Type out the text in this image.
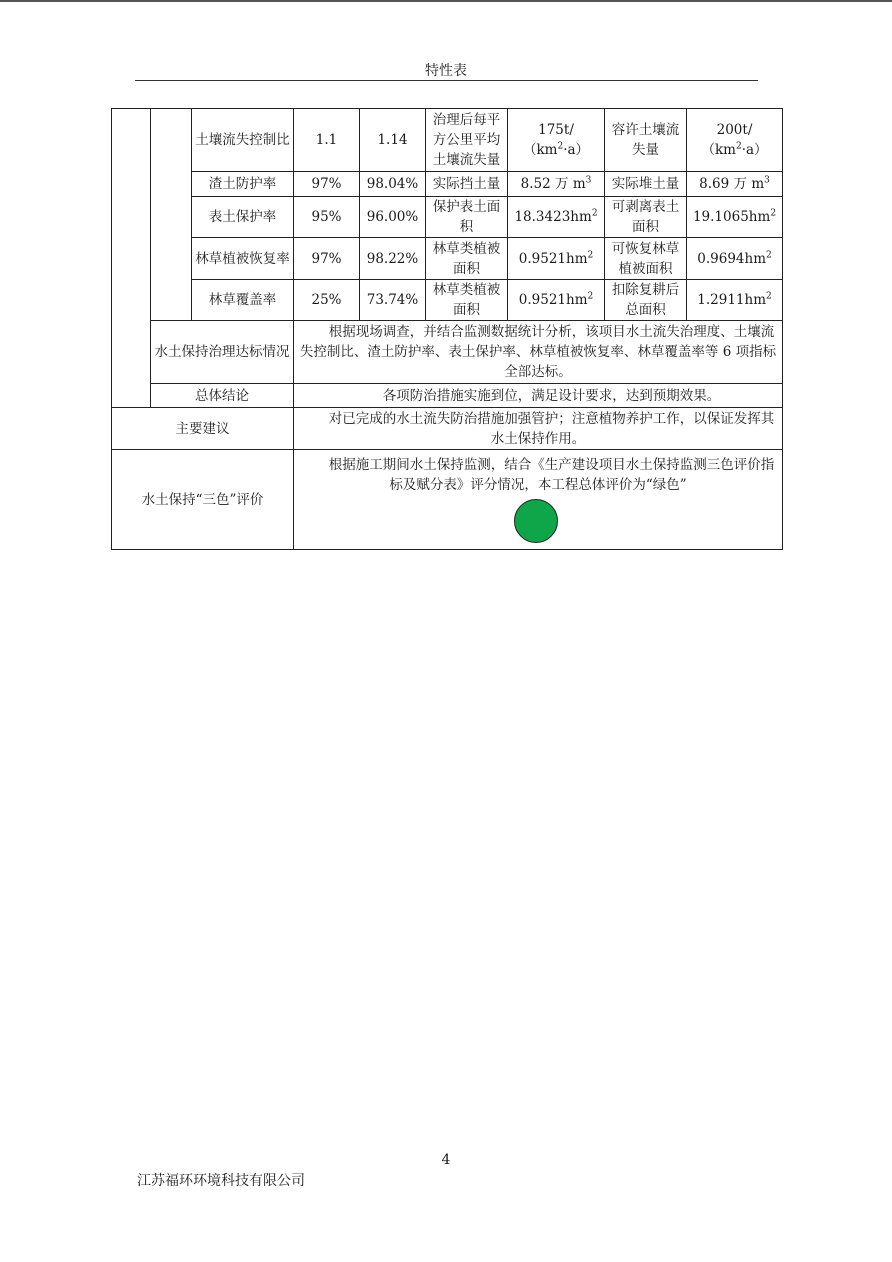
特性表
		土壤流失控制比	1.1	1.14	治理后每平方公里平均土壤流失量	$175t/(km^2\cdot a)$	容许土壤流失量	$200t/(km^2\cdot a)$
		渣土防护率	97%	98.04%	实际挡土量	8.52 万 $m^3$	实际堆土量	8.69 万 $m^3$
		表土保护率	95%	96.00%	保护表土面积	$18.3423hm^2$	可剥离表土面积	$19.1065hm^2$
		林草植被恢复率	97%	98.22%	林草类植被面积	$0.9521hm^2$	可恢复林草植被面积	$0.9694hm^2$
		林草覆盖率	25%	73.74%	林草类植被面积	$0.9521hm^2$	扣除复耕后总面积	$1.2911hm^2$
	水土保持治理达标情况		根据现场调查，并结合监测数据统计分析，该项目水土流失治理度、土壤流失控制比、渣土防护率、表土保护率、林草植被恢复率、林草覆盖率等 6 项指标全部达标。					
	总体结论		各项防治措施实施到位，满足设计要求，达到预期效果。					
主要建议			对已完成的水土流失防治措施加强管护；注意植物养护工作，以保证发挥其水土保持作用。					
水土保持“三色”评价			根据施工期间水土保持监测，结合《生产建设项目水土保持监测三色评价指标及赋分表》评分情况，本工程总体评价为“绿色”					
4
江苏福环环境科技有限公司
